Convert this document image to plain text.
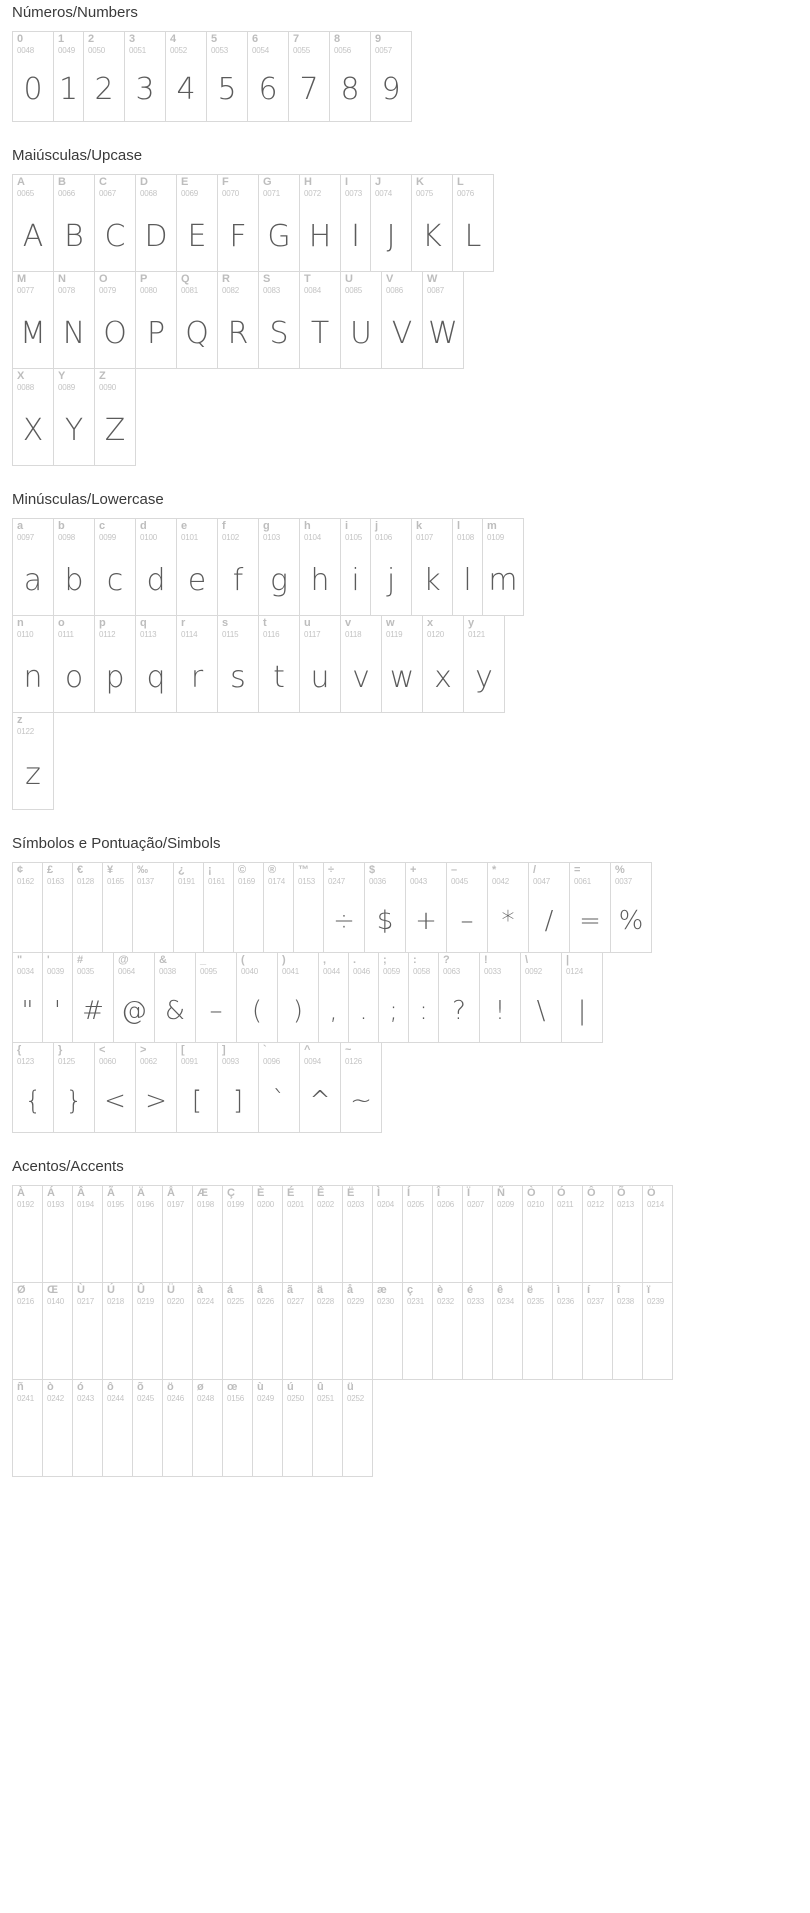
Números/Numbers
0
0048
0
1
0049
1
2
0050
2
3
0051
3
4
0052
4
5
0053
5
6
0054
6
7
0055
7
8
0056
8
9
0057
9
Maiúsculas/Upcase
A
0065
A
B
0066
B
C
0067
C
D
0068
D
E
0069
E
F
0070
F
G
0071
G
H
0072
H
I
0073
I
J
0074
J
K
0075
K
L
0076
L
M
0077
M
N
0078
N
O
0079
O
P
0080
P
Q
0081
Q
R
0082
R
S
0083
S
T
0084
T
U
0085
U
V
0086
V
W
0087
W
X
0088
X
Y
0089
Y
Z
0090
Z
Minúsculas/Lowercase
a
0097
a
b
0098
b
c
0099
c
d
0100
d
e
0101
e
f
0102
f
g
0103
g
h
0104
h
i
0105
i
j
0106
j
k
0107
k
l
0108
l
m
0109
m
n
0110
n
o
0111
o
p
0112
p
q
0113
q
r
0114
r
s
0115
s
t
0116
t
u
0117
u
v
0118
v
w
0119
w
x
0120
x
y
0121
y
z
0122
z
Símbolos e Pontuação/Simbols
¢
0162
£
0163
€
0128
¥
0165
‰
0137
¿
0191
¡
0161
©
0169
®
0174
™
0153
÷
0247
÷
$
0036
$
+
0043
+
–
0045
–
*
0042
*
/
0047
/
=
0061
=
%
0037
%
"
0034
"
'
0039
'
#
0035
#
@
0064
@
&
0038
&
_
0095
–
(
0040
(
)
0041
)
,
0044
,
.
0046
.
;
0059
;
:
0058
:
?
0063
?
!
0033
!
\
0092
\
|
0124
|
{
0123
{
}
0125
}
<
0060
<
>
0062
>
[
0091
[
]
0093
]
`
0096
`
^
0094
^
~
0126
~
Acentos/Accents
À
0192
Á
0193
Â
0194
Ã
0195
Ä
0196
Å
0197
Æ
0198
Ç
0199
È
0200
É
0201
Ê
0202
Ë
0203
Ì
0204
Í
0205
Î
0206
Ï
0207
Ñ
0209
Ò
0210
Ó
0211
Ô
0212
Õ
0213
Ö
0214
Ø
0216
Œ
0140
Ù
0217
Ú
0218
Û
0219
Ü
0220
à
0224
á
0225
â
0226
ã
0227
ä
0228
å
0229
æ
0230
ç
0231
è
0232
é
0233
ê
0234
ë
0235
ì
0236
í
0237
î
0238
ï
0239
ñ
0241
ò
0242
ó
0243
ô
0244
õ
0245
ö
0246
ø
0248
œ
0156
ù
0249
ú
0250
û
0251
ü
0252
